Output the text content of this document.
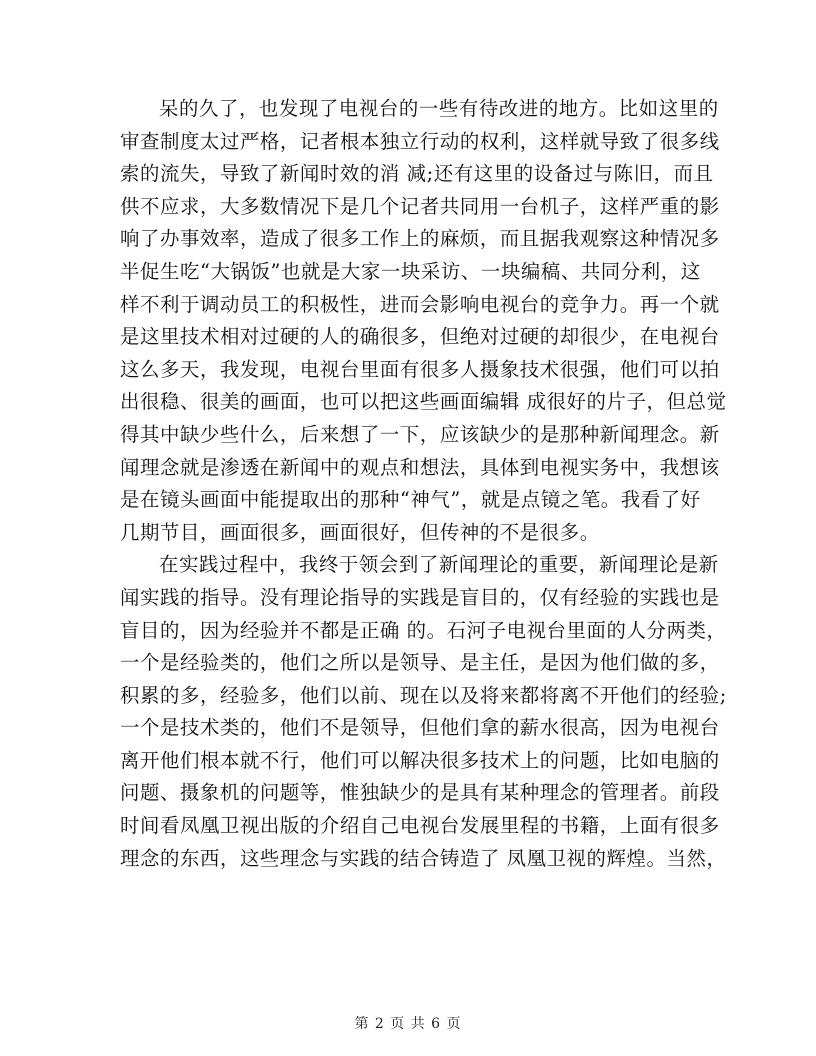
呆的久了，也发现了电视台的一些有待改进的地方。比如这里的
审查制度太过严格，记者根本独立行动的权利，这样就导致了很多线
索的流失，导致了新闻时效的消 减;还有这里的设备过与陈旧，而且
供不应求，大多数情况下是几个记者共同用一台机子，这样严重的影
响了办事效率，造成了很多工作上的麻烦，而且据我观察这种情况多
半促生吃“大锅饭”也就是大家一块采访、一块编稿、共同分利，这
样不利于调动员工的积极性，进而会影响电视台的竞争力。再一个就
是这里技术相对过硬的人的确很多，但绝对过硬的却很少，在电视台
这么多天，我发现，电视台里面有很多人摄象技术很强，他们可以拍
出很稳、很美的画面，也可以把这些画面编辑 成很好的片子，但总觉
得其中缺少些什么，后来想了一下，应该缺少的是那种新闻理念。新
闻理念就是渗透在新闻中的观点和想法，具体到电视实务中，我想该
是在镜头画面中能提取出的那种“神气”，就是点镜之笔。我看了好
几期节目，画面很多，画面很好，但传神的不是很多。
在实践过程中，我终于领会到了新闻理论的重要，新闻理论是新
闻实践的指导。没有理论指导的实践是盲目的，仅有经验的实践也是
盲目的，因为经验并不都是正确 的。石河子电视台里面的人分两类，
一个是经验类的，他们之所以是领导、是主任，是因为他们做的多，
积累的多，经验多，他们以前、现在以及将来都将离不开他们的经验;
一个是技术类的，他们不是领导，但他们拿的薪水很高，因为电视台
离开他们根本就不行，他们可以解决很多技术上的问题，比如电脑的
问题、摄象机的问题等，惟独缺少的是具有某种理念的管理者。前段
时间看凤凰卫视出版的介绍自己电视台发展里程的书籍，上面有很多
理念的东西，这些理念与实践的结合铸造了 凤凰卫视的辉煌。当然，
第 2 页 共 6 页
